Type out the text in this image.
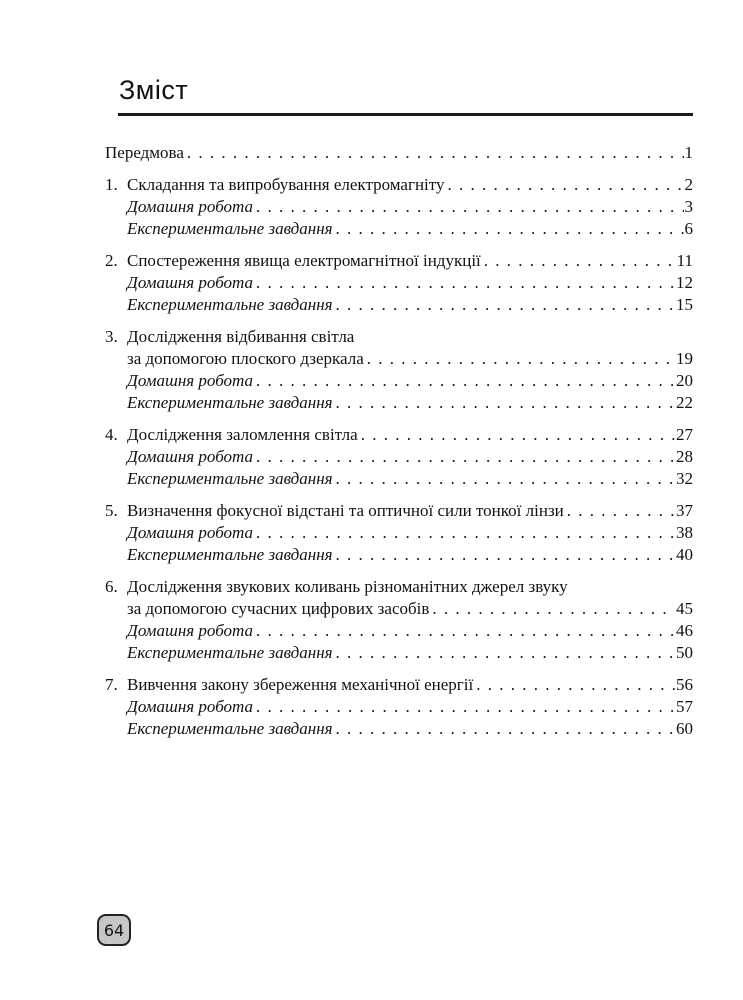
Зміст
Передмова . . .	1
1. Складання та випробування електромагніту . . .	2
Домашня робота . . .	3
Експериментальне завдання . . .	6
2. Спостереження явища електромагнітної індукції . . .	11
Домашня робота . . .	12
Експериментальне завдання . . .	15
3. Дослідження відбивання світла
за допомогою плоского дзеркала . . .	19
Домашня робота . . .	20
Експериментальне завдання . . .	22
4. Дослідження заломлення світла . . .	27
Домашня робота . . .	28
Експериментальне завдання . . .	32
5. Визначення фокусної відстані та оптичної сили тонкої лінзи . . .	37
Домашня робота . . .	38
Експериментальне завдання . . .	40
6. Дослідження звукових коливань різноманітних джерел звуку
за допомогою сучасних цифрових засобів . . .	45
Домашня робота . . .	46
Експериментальне завдання . . .	50
7. Вивчення закону збереження механічної енергії . . .	56
Домашня робота . . .	57
Експериментальне завдання . . .	60
64
